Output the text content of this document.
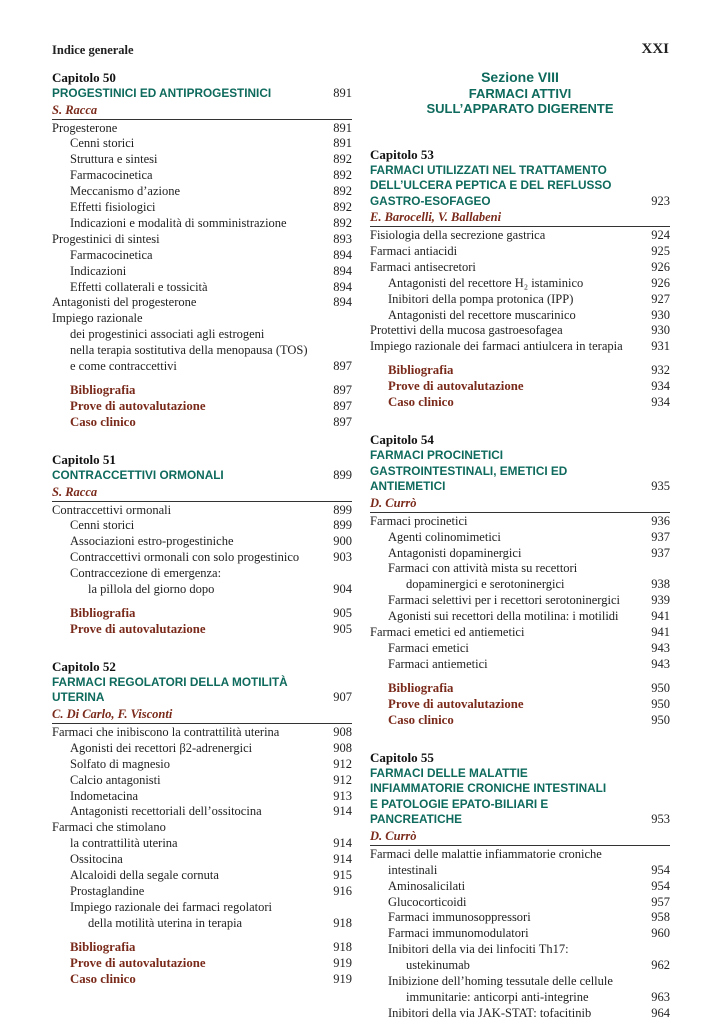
Indice generale	XXI
Capitolo 50
PROGESTINICI ED ANTIPROGESTINICI	891
S. Racca
Progesterone	891
Cenni storici	891
Struttura e sintesi	892
Farmacocinetica	892
Meccanismo d’azione	892
Effetti fisiologici	892
Indicazioni e modalità di somministrazione	892
Progestinici di sintesi	893
Farmacocinetica	894
Indicazioni	894
Effetti collaterali e tossicità	894
Antagonisti del progesterone	894
Impiego razionale
dei progestinici associati agli estrogeni
nella terapia sostitutiva della menopausa (TOS)
e come contraccettivi	897
Bibliografia	897
Prove di autovalutazione	897
Caso clinico	897
Capitolo 51
CONTRACCETTIVI ORMONALI	899
S. Racca
Contraccettivi ormonali	899
Cenni storici	899
Associazioni estro-progestiniche	900
Contraccettivi ormonali con solo progestinico	903
Contraccezione di emergenza:
la pillola del giorno dopo	904
Bibliografia	905
Prove di autovalutazione	905
Capitolo 52
FARMACI REGOLATORI DELLA MOTILITÀ
UTERINA	907
C. Di Carlo, F. Visconti
Farmaci che inibiscono la contrattilità uterina	908
Agonisti dei recettori β2-adrenergici	908
Solfato di magnesio	912
Calcio antagonisti	912
Indometacina	913
Antagonisti recettoriali dell’ossitocina	914
Farmaci che stimolano
la contrattilità uterina	914
Ossitocina	914
Alcaloidi della segale cornuta	915
Prostaglandine	916
Impiego razionale dei farmaci regolatori
della motilità uterina in terapia	918
Bibliografia	918
Prove di autovalutazione	919
Caso clinico	919
Sezione VIII
FARMACI ATTIVI
SULL’APPARATO DIGERENTE
Capitolo 53
FARMACI UTILIZZATI NEL TRATTAMENTO
DELL’ULCERA PEPTICA E DEL REFLUSSO
GASTRO-ESOFAGEO	923
E. Barocelli, V. Ballabeni
Fisiologia della secrezione gastrica	924
Farmaci antiacidi	925
Farmaci antisecretori	926
Antagonisti del recettore H₂ istaminico	926
Inibitori della pompa protonica (IPP)	927
Antagonisti del recettore muscarinico	930
Protettivi della mucosa gastroesofagea	930
Impiego razionale dei farmaci antiulcera in terapia 931
Bibliografia	932
Prove di autovalutazione	934
Caso clinico	934
Capitolo 54
FARMACI PROCINETICI
GASTROINTESTINALI, EMETICI ED
ANTIEMETICI	935
D. Currò
Farmaci procinetici	936
Agenti colinomimetici	937
Antagonisti dopaminergici	937
Farmaci con attività mista su recettori
dopaminergici e serotoninergici	938
Farmaci selettivi per i recettori serotoninergici	939
Agonisti sui recettori della motilina: i motilidi	941
Farmaci emetici ed antiemetici	941
Farmaci emetici	943
Farmaci antiemetici	943
Bibliografia	950
Prove di autovalutazione	950
Caso clinico	950
Capitolo 55
FARMACI DELLE MALATTIE
INFIAMMATORIE CRONICHE INTESTINALI
E PATOLOGIE EPATO-BILIARI E
PANCREATICHE	953
D. Currò
Farmaci delle malattie infiammatorie croniche
intestinali	954
Aminosalicilati	954
Glucocorticoidi	957
Farmaci immunosoppressori	958
Farmaci immunomodulatori	960
Inibitori della via dei linfociti Th17:
ustekinumab	962
Inibizione dell’homing tessutale delle cellule
immunitarie: anticorpi anti-integrine	963
Inibitori della via JAK-STAT: tofacitinib	964
